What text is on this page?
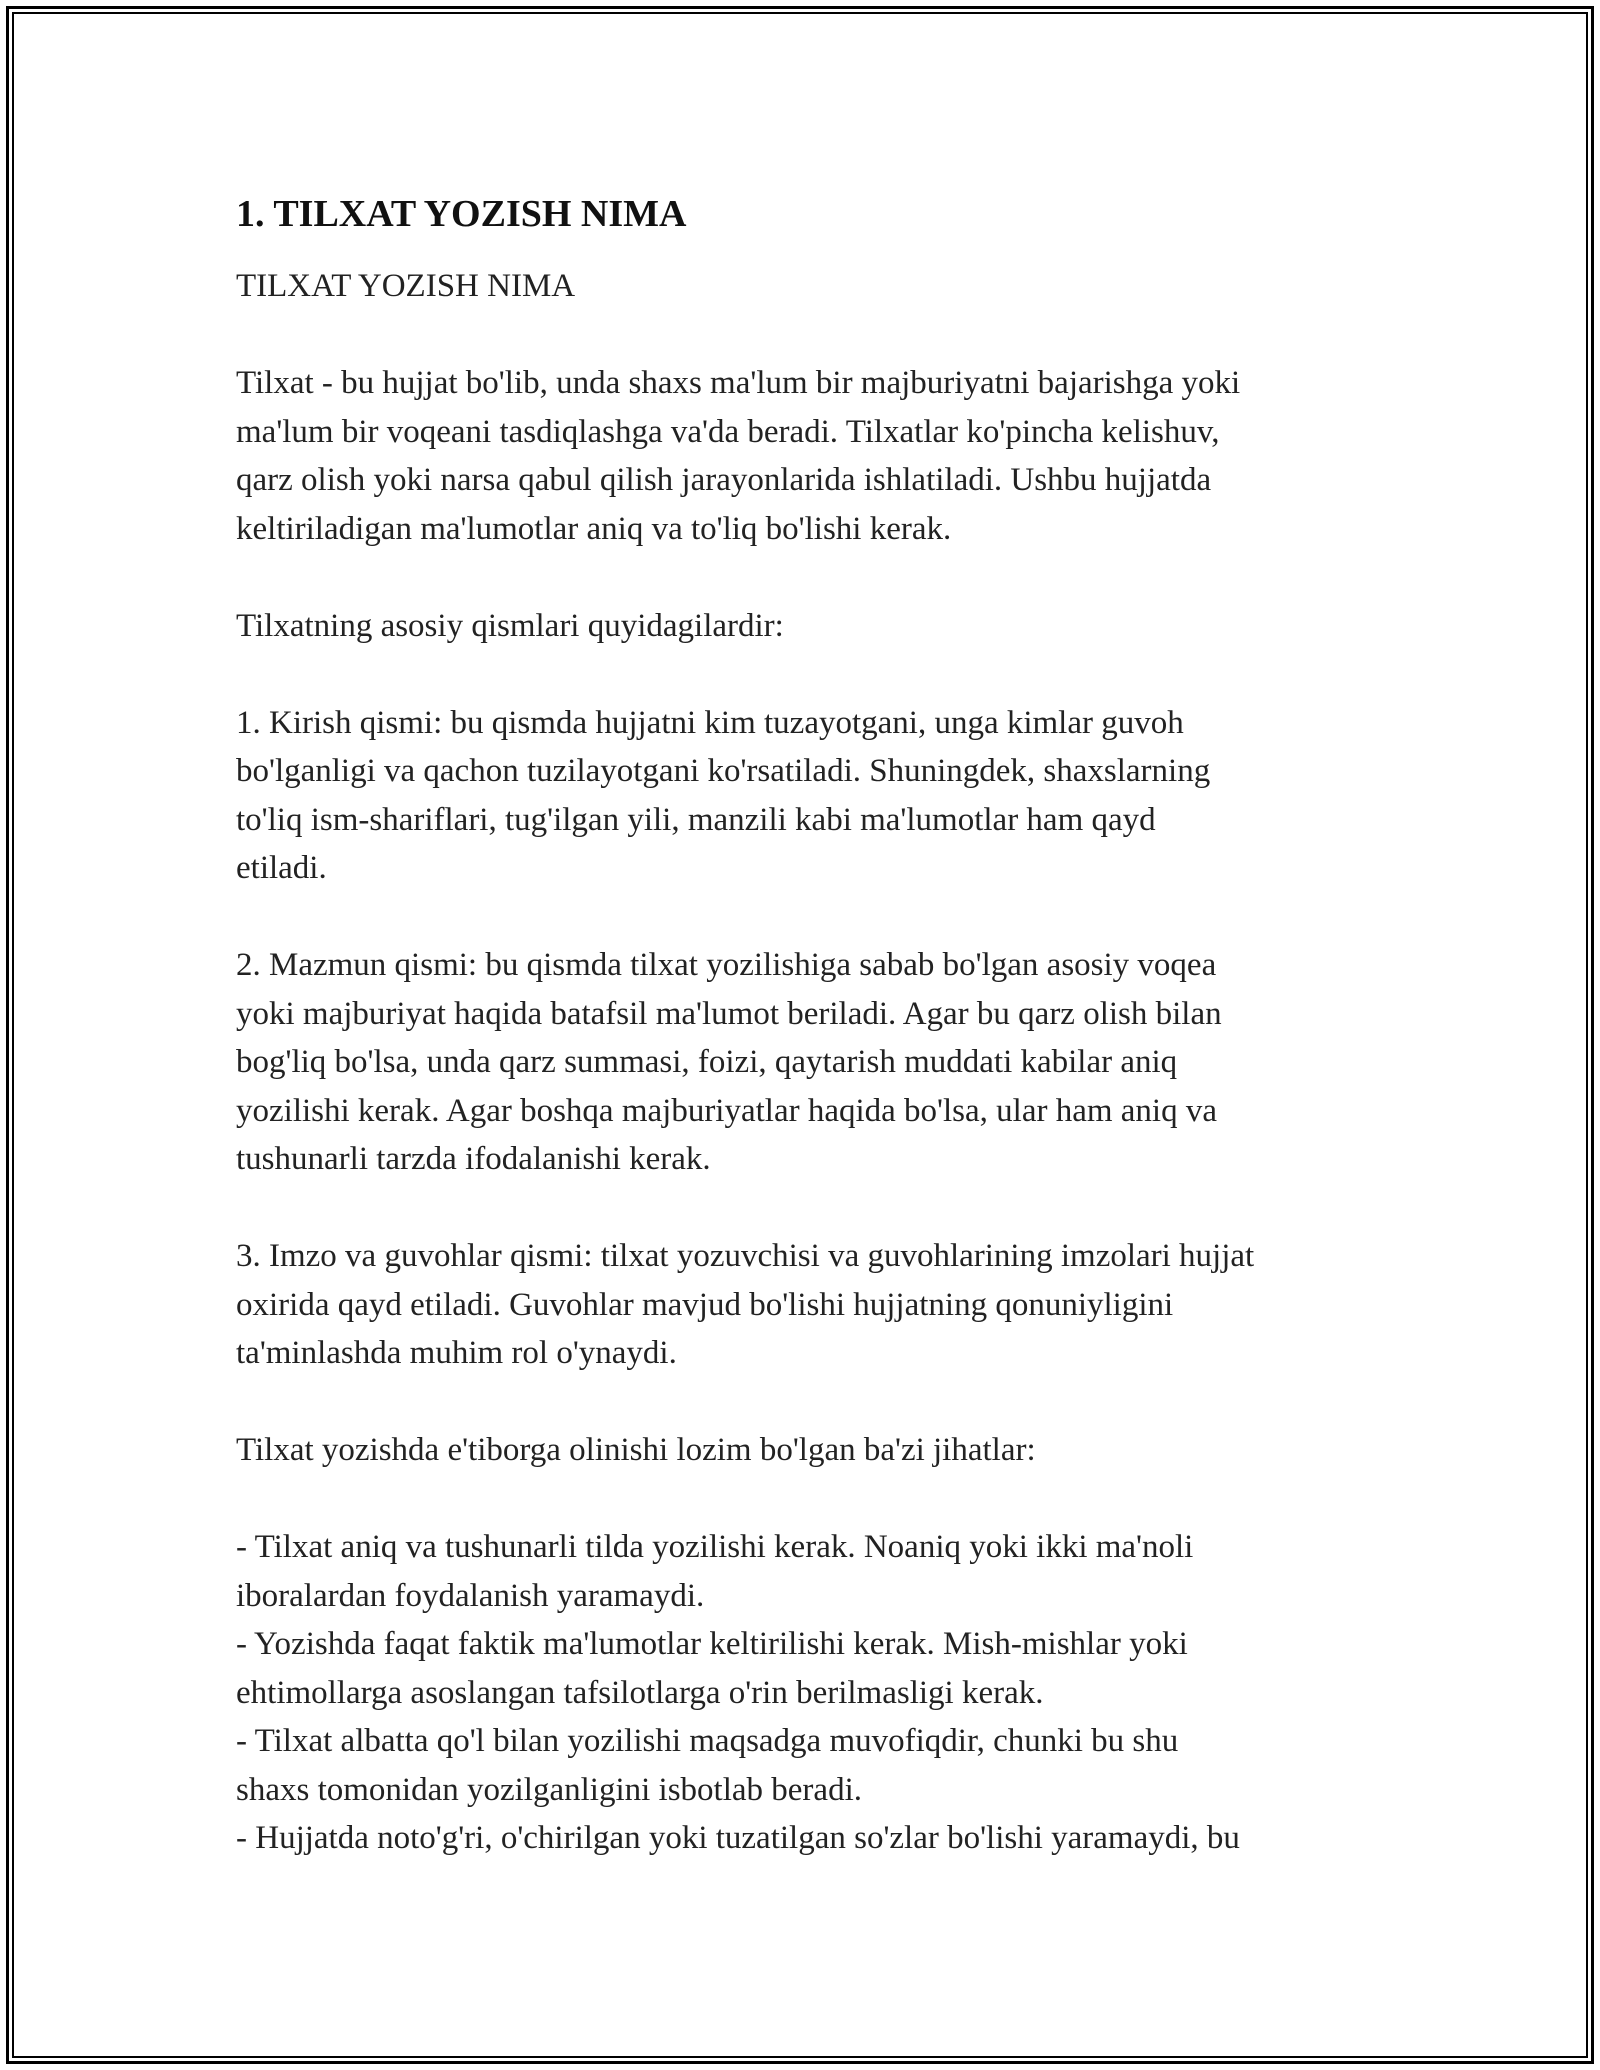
1. TILXAT YOZISH NIMA

TILXAT YOZISH NIMA

Tilxat - bu hujjat bo'lib, unda shaxs ma'lum bir majburiyatni bajarishga yoki
ma'lum bir voqeani tasdiqlashga va'da beradi. Tilxatlar ko'pincha kelishuv,
qarz olish yoki narsa qabul qilish jarayonlarida ishlatiladi. Ushbu hujjatda
keltiriladigan ma'lumotlar aniq va to'liq bo'lishi kerak.

Tilxatning asosiy qismlari quyidagilardir:

1. Kirish qismi: bu qismda hujjatni kim tuzayotgani, unga kimlar guvoh
bo'lganligi va qachon tuzilayotgani ko'rsatiladi. Shuningdek, shaxslarning
to'liq ism-shariflari, tug'ilgan yili, manzili kabi ma'lumotlar ham qayd
etiladi.

2. Mazmun qismi: bu qismda tilxat yozilishiga sabab bo'lgan asosiy voqea
yoki majburiyat haqida batafsil ma'lumot beriladi. Agar bu qarz olish bilan
bog'liq bo'lsa, unda qarz summasi, foizi, qaytarish muddati kabilar aniq
yozilishi kerak. Agar boshqa majburiyatlar haqida bo'lsa, ular ham aniq va
tushunarli tarzda ifodalanishi kerak.

3. Imzo va guvohlar qismi: tilxat yozuvchisi va guvohlarining imzolari hujjat
oxirida qayd etiladi. Guvohlar mavjud bo'lishi hujjatning qonuniyligini
ta'minlashda muhim rol o'ynaydi.

Tilxat yozishda e'tiborga olinishi lozim bo'lgan ba'zi jihatlar:

- Tilxat aniq va tushunarli tilda yozilishi kerak. Noaniq yoki ikki ma'noli
iboralardan foydalanish yaramaydi.
- Yozishda faqat faktik ma'lumotlar keltirilishi kerak. Mish-mishlar yoki
ehtimollarga asoslangan tafsilotlarga o'rin berilmasligi kerak.
- Tilxat albatta qo'l bilan yozilishi maqsadga muvofiqdir, chunki bu shu
shaxs tomonidan yozilganligini isbotlab beradi.
- Hujjatda noto'g'ri, o'chirilgan yoki tuzatilgan so'zlar bo'lishi yaramaydi, bu
